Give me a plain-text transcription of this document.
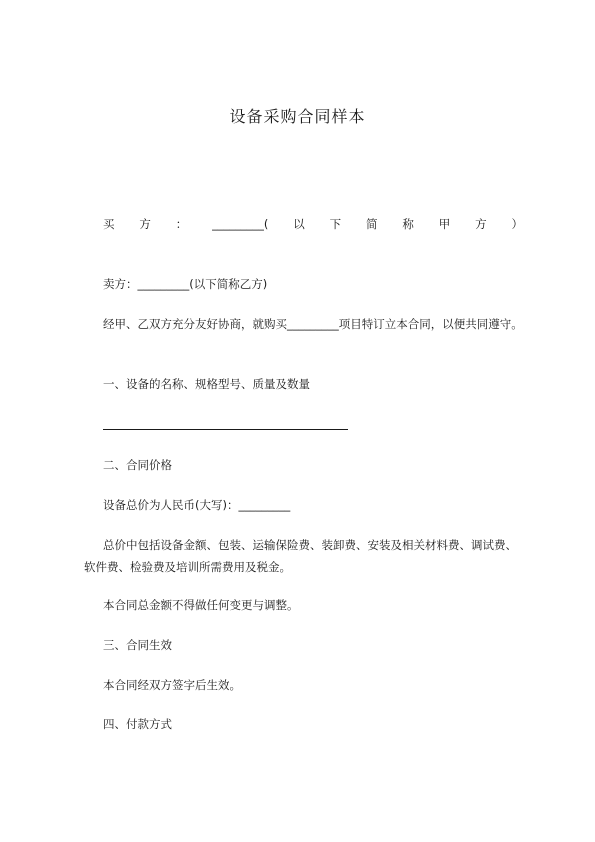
设备采购合同样本
买 方 ： _________( 以 下 简 称 甲 方 ）
卖方：_________(以下简称乙方)
经甲、乙双方充分友好协商，就购买_________项目特订立本合同，以便共同遵守。
一、设备的名称、规格型号、质量及数量
二、合同价格
设备总价为人民币(大写)：_________
总价中包括设备金额、包装、运输保险费、装卸费、安装及相关材料费、调试费、软件费、检验费及培训所需费用及税金。
本合同总金额不得做任何变更与调整。
三、合同生效
本合同经双方签字后生效。
四、付款方式
